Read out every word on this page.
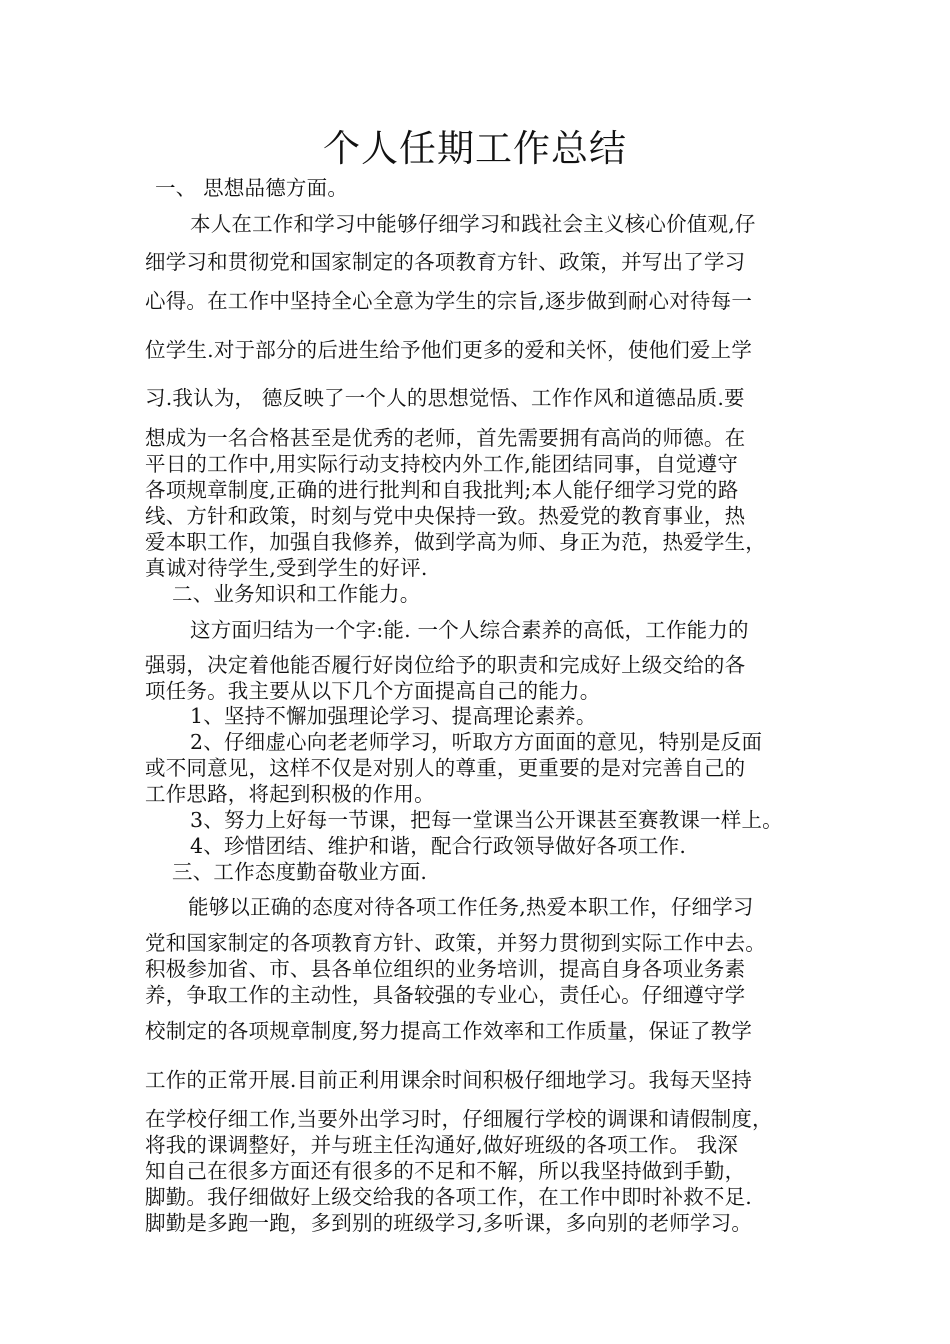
个人任期工作总结
一、 思想品德方面。
本人在工作和学习中能够仔细学习和践社会主义核心价值观,仔
细学习和贯彻党和国家制定的各项教育方针、政策，并写出了学习
心得。在工作中坚持全心全意为学生的宗旨,逐步做到耐心对待每一
位学生.对于部分的后进生给予他们更多的爱和关怀，使他们爱上学
习.我认为， 德反映了一个人的思想觉悟、工作作风和道德品质.要
想成为一名合格甚至是优秀的老师，首先需要拥有高尚的师德。在
平日的工作中,用实际行动支持校内外工作,能团结同事，自觉遵守
各项规章制度,正确的进行批判和自我批判;本人能仔细学习党的路
线、方针和政策，时刻与党中央保持一致。热爱党的教育事业，热
爱本职工作，加强自我修养，做到学高为师、身正为范，热爱学生，
真诚对待学生,受到学生的好评.
二、业务知识和工作能力。
这方面归结为一个字:能. 一个人综合素养的高低，工作能力的
强弱，决定着他能否履行好岗位给予的职责和完成好上级交给的各
项任务。我主要从以下几个方面提高自己的能力。
1、坚持不懈加强理论学习、提高理论素养。
2、仔细虚心向老老师学习，听取方方面面的意见，特别是反面
或不同意见，这样不仅是对别人的尊重，更重要的是对完善自己的
工作思路，将起到积极的作用。
3、努力上好每一节课，把每一堂课当公开课甚至赛教课一样上。
4、珍惜团结、维护和谐，配合行政领导做好各项工作.
三、工作态度勤奋敬业方面.
能够以正确的态度对待各项工作任务,热爱本职工作，仔细学习
党和国家制定的各项教育方针、政策，并努力贯彻到实际工作中去。
积极参加省、市、县各单位组织的业务培训，提高自身各项业务素
养，争取工作的主动性，具备较强的专业心，责任心。仔细遵守学
校制定的各项规章制度,努力提高工作效率和工作质量，保证了教学
工作的正常开展.目前正利用课余时间积极仔细地学习。我每天坚持
在学校仔细工作,当要外出学习时，仔细履行学校的调课和请假制度，
将我的课调整好，并与班主任沟通好,做好班级的各项工作。 我深
知自己在很多方面还有很多的不足和不解，所以我坚持做到手勤，
脚勤。我仔细做好上级交给我的各项工作，在工作中即时补救不足.
脚勤是多跑一跑，多到别的班级学习,多听课，多向别的老师学习。
